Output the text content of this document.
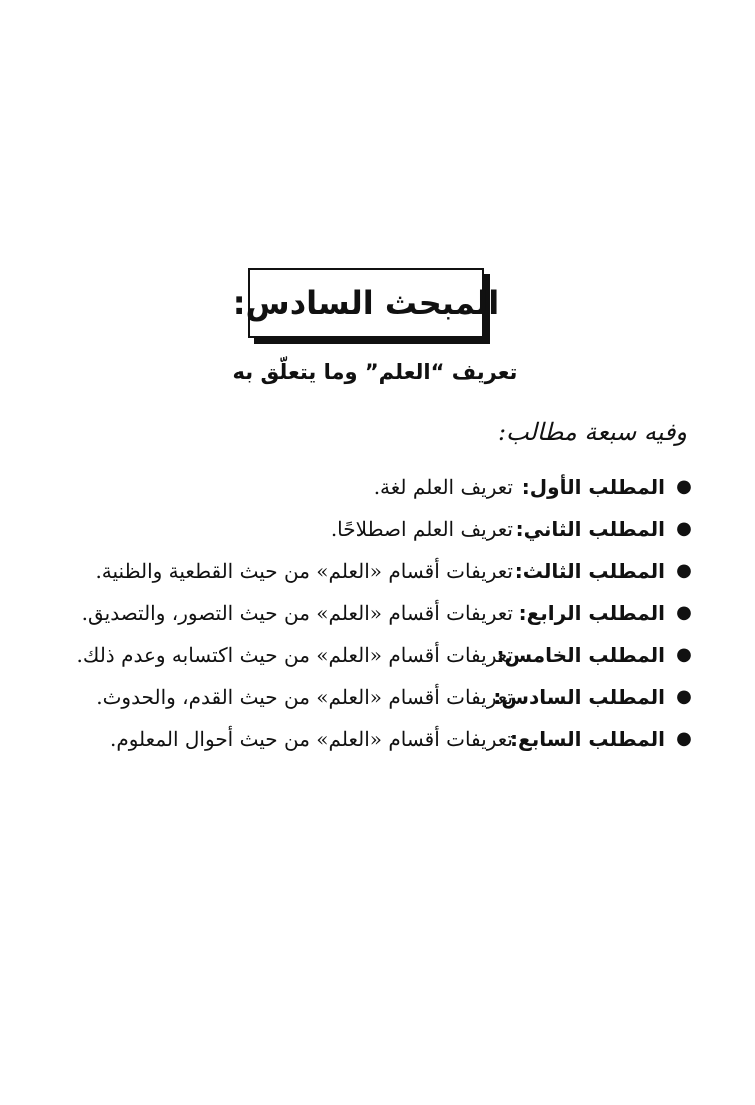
المبحث السادس:
تعريف “العلم” وما يتعلّق به
وفيه سبعة مطالب:
●
المطلب الأول:
تعريف العلم لغة.
●
المطلب الثاني:
تعريف العلم اصطلاحًا.
●
المطلب الثالث:
تعريفات أقسام «العلم» من حيث القطعية والظنية.
●
المطلب الرابع:
تعريفات أقسام «العلم» من حيث التصور، والتصديق.
●
المطلب الخامس:
تعريفات أقسام «العلم» من حيث اكتسابه وعدم ذلك.
●
المطلب السادس:
تعريفات أقسام «العلم» من حيث القدم، والحدوث.
●
المطلب السابع:
تعريفات أقسام «العلم» من حيث أحوال المعلوم.
